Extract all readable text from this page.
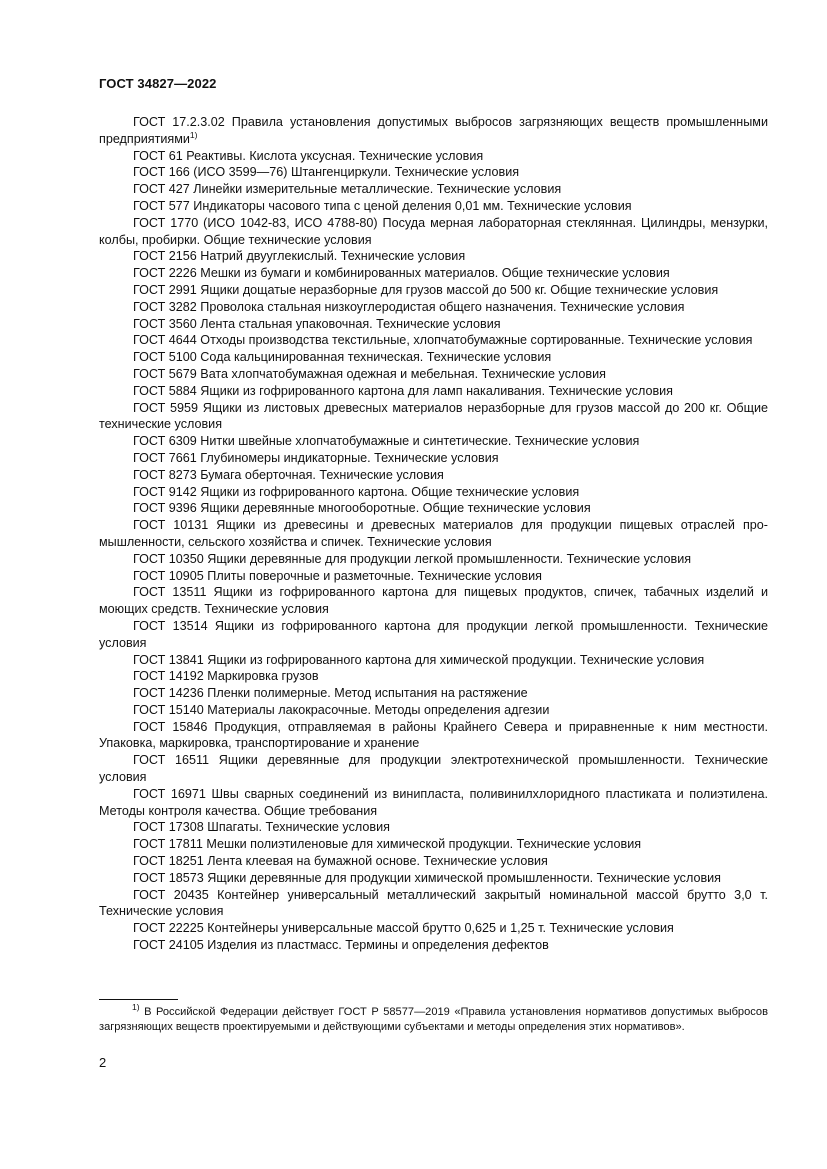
ГОСТ 34827—2022
ГОСТ 17.2.3.02 Правила установления допустимых выбросов загрязняющих веществ промышленными предприятиями$^{1)}$
ГОСТ 61 Реактивы. Кислота уксусная. Технические условия
ГОСТ 166 (ИСО 3599—76) Штангенциркули. Технические условия
ГОСТ 427 Линейки измерительные металлические. Технические условия
ГОСТ 577 Индикаторы часового типа с ценой деления 0,01 мм. Технические условия
ГОСТ 1770 (ИСО 1042-83, ИСО 4788-80) Посуда мерная лабораторная стеклянная. Цилиндры, мензурки, колбы, пробирки. Общие технические условия
ГОСТ 2156 Натрий двууглекислый. Технические условия
ГОСТ 2226 Мешки из бумаги и комбинированных материалов. Общие технические условия
ГОСТ 2991 Ящики дощатые неразборные для грузов массой до 500 кг. Общие технические условия
ГОСТ 3282 Проволока стальная низкоуглеродистая общего назначения. Технические условия
ГОСТ 3560 Лента стальная упаковочная. Технические условия
ГОСТ 4644 Отходы производства текстильные, хлопчатобумажные сортированные. Технические условия
ГОСТ 5100 Сода кальцинированная техническая. Технические условия
ГОСТ 5679 Вата хлопчатобумажная одежная и мебельная. Технические условия
ГОСТ 5884 Ящики из гофрированного картона для ламп накаливания. Технические условия
ГОСТ 5959 Ящики из листовых древесных материалов неразборные для грузов массой до 200 кг. Общие технические условия
ГОСТ 6309 Нитки швейные хлопчатобумажные и синтетические. Технические условия
ГОСТ 7661 Глубиномеры индикаторные. Технические условия
ГОСТ 8273 Бумага оберточная. Технические условия
ГОСТ 9142 Ящики из гофрированного картона. Общие технические условия
ГОСТ 9396 Ящики деревянные многооборотные. Общие технические условия
ГОСТ 10131 Ящики из древесины и древесных материалов для продукции пищевых отраслей промышленности, сельского хозяйства и спичек. Технические условия
ГОСТ 10350 Ящики деревянные для продукции легкой промышленности. Технические условия
ГОСТ 10905 Плиты поверочные и разметочные. Технические условия
ГОСТ 13511 Ящики из гофрированного картона для пищевых продуктов, спичек, табачных изделий и моющих средств. Технические условия
ГОСТ 13514 Ящики из гофрированного картона для продукции легкой промышленности. Технические условия
ГОСТ 13841 Ящики из гофрированного картона для химической продукции. Технические условия
ГОСТ 14192 Маркировка грузов
ГОСТ 14236 Пленки полимерные. Метод испытания на растяжение
ГОСТ 15140 Материалы лакокрасочные. Методы определения адгезии
ГОСТ 15846 Продукция, отправляемая в районы Крайнего Севера и приравненные к ним местности. Упаковка, маркировка, транспортирование и хранение
ГОСТ 16511 Ящики деревянные для продукции электротехнической промышленности. Технические условия
ГОСТ 16971 Швы сварных соединений из винипласта, поливинилхлоридного пластиката и полиэтилена. Методы контроля качества. Общие требования
ГОСТ 17308 Шпагаты. Технические условия
ГОСТ 17811 Мешки полиэтиленовые для химической продукции. Технические условия
ГОСТ 18251 Лента клеевая на бумажной основе. Технические условия
ГОСТ 18573 Ящики деревянные для продукции химической промышленности. Технические условия
ГОСТ 20435 Контейнер универсальный металлический закрытый номинальной массой брутто 3,0 т. Технические условия
ГОСТ 22225 Контейнеры универсальные массой брутто 0,625 и 1,25 т. Технические условия
ГОСТ 24105 Изделия из пластмасс. Термины и определения дефектов
$^{1)}$ В Российской Федерации действует ГОСТ Р 58577—2019 «Правила установления нормативов допустимых выбросов загрязняющих веществ проектируемыми и действующими субъектами и методы определения этих нормативов».
2
